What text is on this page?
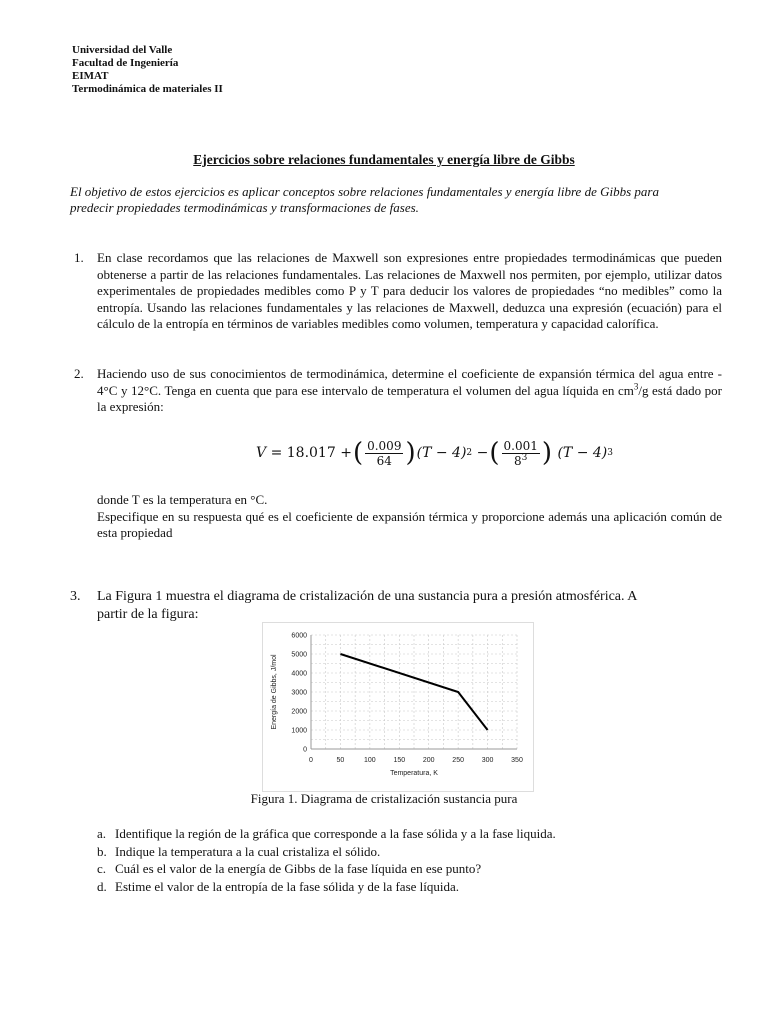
Universidad del Valle
Facultad de Ingeniería
EIMAT
Termodinámica de materiales II
Ejercicios sobre relaciones fundamentales y energía libre de Gibbs
El objetivo de estos ejercicios es aplicar conceptos sobre relaciones fundamentales y energía libre de Gibbs para predecir propiedades termodinámicas y transformaciones de fases.
1. En clase recordamos que las relaciones de Maxwell son expresiones entre propiedades termodinámicas que pueden obtenerse a partir de las relaciones fundamentales. Las relaciones de Maxwell nos permiten, por ejemplo, utilizar datos experimentales de propiedades medibles como P y T para deducir los valores de propiedades “no medibles” como la entropía. Usando las relaciones fundamentales y las relaciones de Maxwell, deduzca una expresión (ecuación) para el cálculo de la entropía en términos de variables medibles como volumen, temperatura y capacidad calorífica.
2. Haciendo uso de sus conocimientos de termodinámica, determine el coeficiente de expansión térmica del agua entre - 4°C y 12°C. Tenga en cuenta que para ese intervalo de temperatura el volumen del agua líquida en $cm^3/g$ está dado por la expresión:
V
= 18.017 + ( $\frac{0.009}{64}$ ) (T − 4) 2
− ( $\frac{0.001}{8^3}$ )
(T − 4) 3
donde T es la temperatura en °C.
Especifique en su respuesta qué es el coeficiente de expansión térmica y proporcione además una aplicación común de esta propiedad
3. La Figura 1 muestra el diagrama de cristalización de una sustancia pura a presión atmosférica. A
partir de la figura:
0	50	100	150	200	250	300	350
0
1000
2000
3000
4000
5000
6000
Temperatura, K
Energía de Gibbs, J/mol
Figura 1. Diagrama de cristalización sustancia pura
a. Identifique la región de la gráfica que corresponde a la fase sólida y a la fase liquida.
b. Indique la temperatura a la cual cristaliza el sólido.
c. Cuál es el valor de la energía de Gibbs de la fase líquida en ese punto?
d. Estime el valor de la entropía de la fase sólida y de la fase líquida.
